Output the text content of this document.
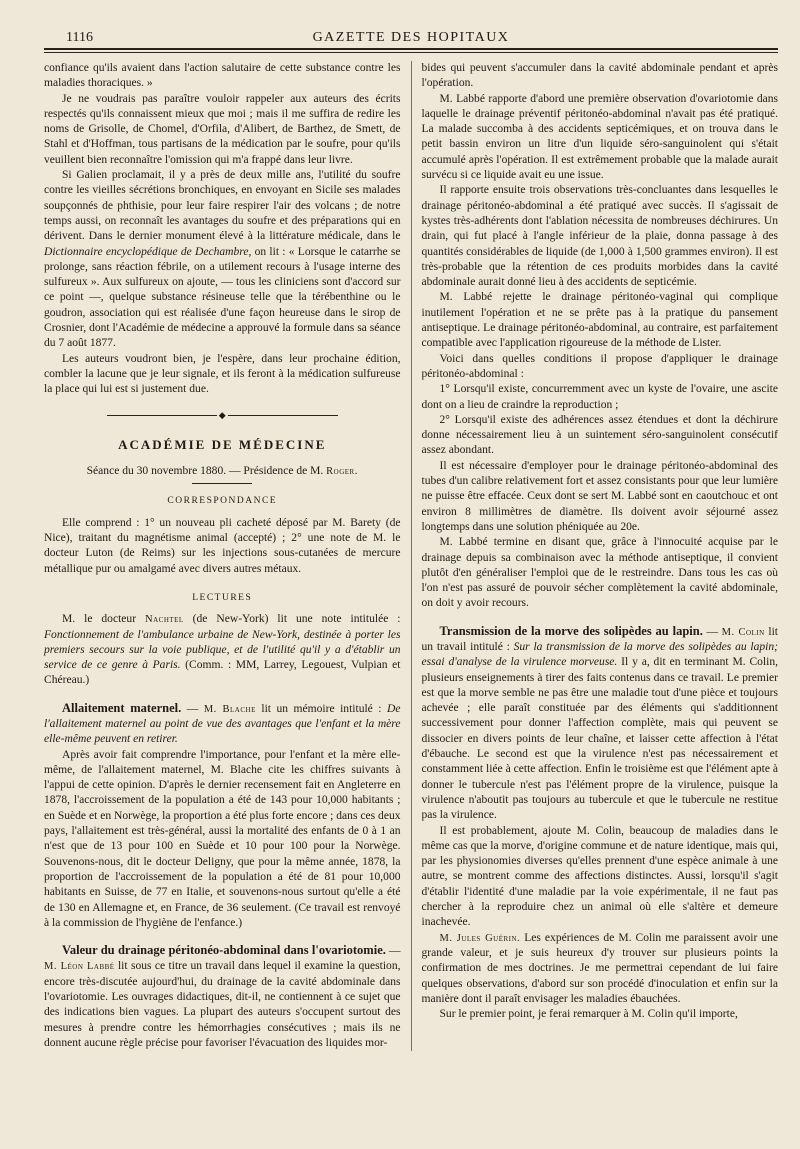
1116	GAZETTE DES HOPITAUX

confiance qu'ils avaient dans l'action salutaire de cette substance contre les maladies thoraciques. »

Je ne voudrais pas paraître vouloir rappeler aux auteurs des écrits respectés qu'ils connaissent mieux que moi ; mais il me suffira de redire les noms de Grisolle, de Chomel, d'Orfila, d'Alibert, de Barthez, de Smett, de Stahl et d'Hoffman, tous partisans de la médication par le soufre, pour qu'ils veuillent bien reconnaître l'omission qui m'a frappé dans leur livre.

Si Galien proclamait, il y a près de deux mille ans, l'utilité du soufre contre les vieilles sécrétions bronchiques, en envoyant en Sicile ses malades soupçonnés de phthisie, pour leur faire respirer l'air des volcans ; de notre temps aussi, on reconnaît les avantages du soufre et des préparations qui en dérivent. Dans le dernier monument élevé à la littérature médicale, dans le Dictionnaire encyclopédique de Dechambre, on lit : « Lorsque le catarrhe se prolonge, sans réaction fébrile, on a utilement recours à l'usage interne des sulfureux ». Aux sulfureux on ajoute, — tous les cliniciens sont d'accord sur ce point —, quelque substance résineuse telle que la térébenthine ou le goudron, association qui est réalisée d'une façon heureuse dans le sirop de Crosnier, dont l'Académie de médecine a approuvé la formule dans sa séance du 7 août 1877.

Les auteurs voudront bien, je l'espère, dans leur prochaine édition, combler la lacune que je leur signale, et ils feront à la médication sulfureuse la place qui lui est si justement due.

◆
ACADÉMIE DE MÉDECINE

Séance du 30 novembre 1880. — Présidence de M. Roger.

CORRESPONDANCE

Elle comprend : 1° un nouveau pli cacheté déposé par M. Barety (de Nice), traitant du magnétisme animal (accepté) ; 2° une note de M. le docteur Luton (de Reims) sur les injections sous-cutanées de mercure métallique pur ou amalgamé avec divers autres métaux.

LECTURES

M. le docteur Nachtel (de New-York) lit une note intitulée : Fonctionnement de l'ambulance urbaine de New-York, destinée à porter les premiers secours sur la voie publique, et de l'utilité qu'il y a d'établir un service de ce genre à Paris. (Comm. : MM, Larrey, Legouest, Vulpian et Chéreau.)

Allaitement maternel. — M. Blache lit un mémoire intitulé : De l'allaitement maternel au point de vue des avantages que l'enfant et la mère elle-même peuvent en retirer.

Après avoir fait comprendre l'importance, pour l'enfant et la mère elle-même, de l'allaitement maternel, M. Blache cite les chiffres suivants à l'appui de cette opinion. D'après le dernier recensement fait en Angleterre en 1878, l'accroissement de la population a été de 143 pour 10,000 habitants ; en Suède et en Norwège, la proportion a été plus forte encore ; dans ces deux pays, l'allaitement est très-général, aussi la mortalité des enfants de 0 à 1 an n'est que de 13 pour 100 en Suède et 10 pour 100 pour la Norwège. Souvenons-nous, dit le docteur Deligny, que pour la même année, 1878, la proportion de l'accroissement de la population a été de 81 pour 10,000 habitants en Suisse, de 77 en Italie, et souvenons-nous surtout qu'elle a été de 130 en Allemagne et, en France, de 36 seulement. (Ce travail est renvoyé à la commission de l'hygiène de l'enfance.)

Valeur du drainage péritonéo-abdominal dans l'ovariotomie. — M. Léon Labbé lit sous ce titre un travail dans lequel il examine la question, encore très-discutée aujourd'hui, du drainage de la cavité abdominale dans l'ovariotomie. Les ouvrages didactiques, dit-il, ne contiennent à ce sujet que des indications bien vagues. La plupart des auteurs s'occupent surtout des mesures à prendre contre les hémorrhagies consécutives ; mais ils ne donnent aucune règle précise pour favoriser l'évacuation des liquides mor-

bides qui peuvent s'accumuler dans la cavité abdominale pendant et après l'opération.

M. Labbé rapporte d'abord une première observation d'ovariotomie dans laquelle le drainage préventif péritonéo-abdominal n'avait pas été pratiqué. La malade succomba à des accidents septicémiques, et on trouva dans le petit bassin environ un litre d'un liquide séro-sanguinolent qui s'était accumulé après l'opération. Il est extrêmement probable que la malade aurait survécu si ce liquide avait eu une issue.

Il rapporte ensuite trois observations très-concluantes dans lesquelles le drainage péritonéo-abdominal a été pratiqué avec succès. Il s'agissait de kystes très-adhérents dont l'ablation nécessita de nombreuses déchirures. Un drain, qui fut placé à l'angle inférieur de la plaie, donna passage à des quantités considérables de liquide (de 1,000 à 1,500 grammes environ). Il est très-probable que la rétention de ces produits morbides dans la cavité abdominale aurait donné lieu à des accidents de septicémie.

M. Labbé rejette le drainage péritonéo-vaginal qui complique inutilement l'opération et ne se prête pas à la pratique du pansement antiseptique. Le drainage péritonéo-abdominal, au contraire, est parfaitement compatible avec l'application rigoureuse de la méthode de Lister.

Voici dans quelles conditions il propose d'appliquer le drainage péritonéo-abdominal :

1° Lorsqu'il existe, concurremment avec un kyste de l'ovaire, une ascite dont on a lieu de craindre la reproduction ;

2° Lorsqu'il existe des adhérences assez étendues et dont la déchirure donne nécessairement lieu à un suintement séro-sanguinolent consécutif assez abondant.

Il est nécessaire d'employer pour le drainage péritonéo-abdominal des tubes d'un calibre relativement fort et assez consistants pour que leur lumière ne puisse être effacée. Ceux dont se sert M. Labbé sont en caoutchouc et ont environ 8 millimètres de diamètre. Ils doivent avoir séjourné assez longtemps dans une solution phéniquée au 20e.

M. Labbé termine en disant que, grâce à l'innocuité acquise par le drainage depuis sa combinaison avec la méthode antiseptique, il convient plutôt d'en généraliser l'emploi que de le restreindre. Dans tous les cas où l'on n'est pas assuré de pouvoir sécher complètement la cavité abdominale, on doit y avoir recours.

Transmission de la morve des solipèdes au lapin. — M. Colin lit un travail intitulé : Sur la transmission de la morve des solipèdes au lapin; essai d'analyse de la virulence morveuse. Il y a, dit en terminant M. Colin, plusieurs enseignements à tirer des faits contenus dans ce travail. Le premier est que la morve semble ne pas être une maladie tout d'une pièce et toujours achevée ; elle paraît constituée par des éléments qui s'additionnent successivement pour donner l'affection complète, mais qui peuvent se dissocier en divers points de leur chaîne, et laisser cette affection à l'état d'ébauche. Le second est que la virulence n'est pas nécessairement et constamment liée à cette affection. Enfin le troisième est que l'élément apte à donner le tubercule n'est pas l'élément propre de la virulence, puisque la virulence n'aboutit pas toujours au tubercule et que le tubercule ne restitue pas la virulence.

Il est probablement, ajoute M. Colin, beaucoup de maladies dans le même cas que la morve, d'origine commune et de nature identique, mais qui, par les physionomies diverses qu'elles prennent d'une espèce animale à une autre, se montrent comme des affections distinctes. Aussi, lorsqu'il s'agit d'établir l'identité d'une maladie par la voie expérimentale, il ne faut pas chercher à la reproduire chez un animal où elle s'altère et demeure inachevée.

M. Jules Guérin. Les expériences de M. Colin me paraissent avoir une grande valeur, et je suis heureux d'y trouver sur plusieurs points la confirmation de mes doctrines. Je me permettrai cependant de lui faire quelques observations, d'abord sur son procédé d'inoculation et enfin sur la manière dont il paraît envisager les maladies ébauchées.

Sur le premier point, je ferai remarquer à M. Colin qu'il importe,
